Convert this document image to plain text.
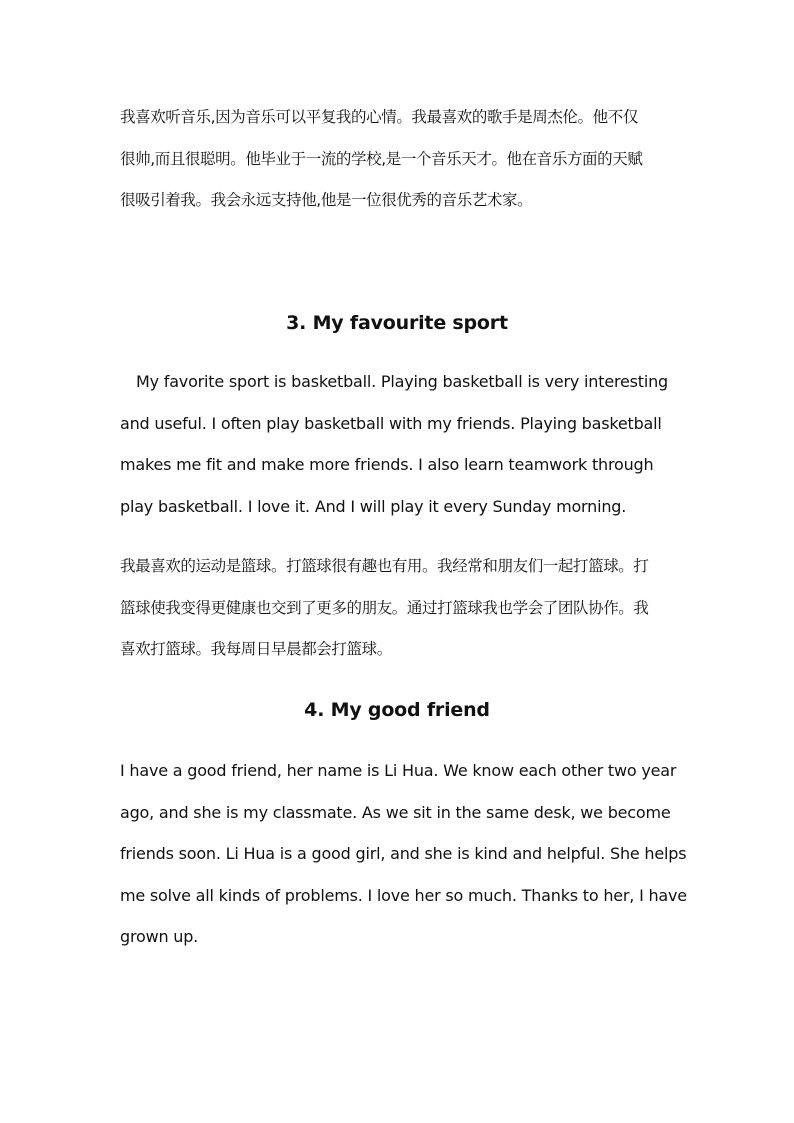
我喜欢听音乐,因为音乐可以平复我的心情。我最喜欢的歌手是周杰伦。他不仅
很帅,而且很聪明。他毕业于一流的学校,是一个音乐天才。他在音乐方面的天赋
很吸引着我。我会永远支持他,他是一位很优秀的音乐艺术家。
3. My favourite sport
My favorite sport is basketball. Playing basketball is very interesting
and useful. I often play basketball with my friends. Playing basketball
makes me fit and make more friends. I also learn teamwork through
play basketball. I love it. And I will play it every Sunday morning.
我最喜欢的运动是篮球。打篮球很有趣也有用。我经常和朋友们一起打篮球。打
篮球使我变得更健康也交到了更多的朋友。通过打篮球我也学会了团队协作。我
喜欢打篮球。我每周日早晨都会打篮球。
4. My good friend
I have a good friend, her name is Li Hua. We know each other two year
ago, and she is my classmate. As we sit in the same desk, we become
friends soon. Li Hua is a good girl, and she is kind and helpful. She helps
me solve all kinds of problems. I love her so much. Thanks to her, I have
grown up.
